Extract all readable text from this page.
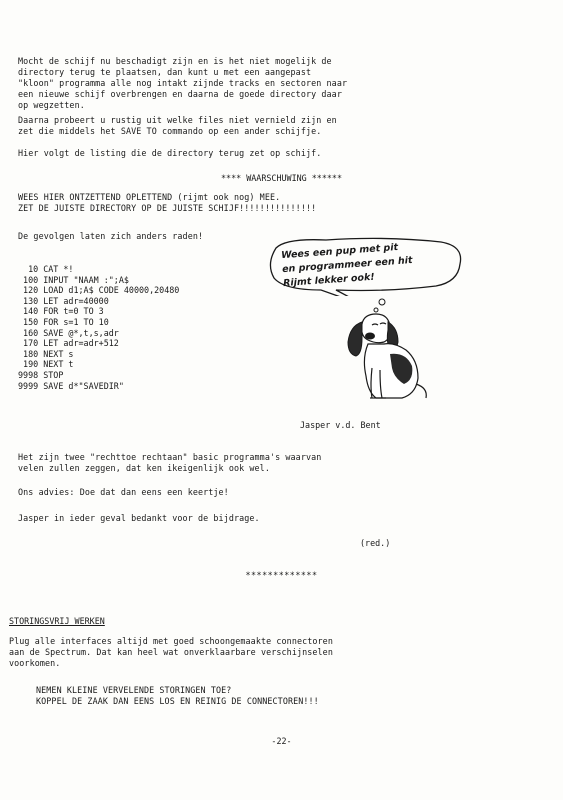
Mocht de schijf nu beschadigt zijn en is het niet mogelijk de
directory terug te plaatsen, dan kunt u met een aangepast
"kloon" programma alle nog intakt zijnde tracks en sectoren naar
een nieuwe schijf overbrengen en daarna de goede directory daar
op wegzetten.
Daarna probeert u rustig uit welke files niet vernield zijn en
zet die middels het SAVE TO commando op een ander schijfje.
Hier volgt de listing die de directory terug zet op schijf.
**** WAARSCHUWING ******
WEES HIER ONTZETTEND OPLETTEND (rijmt ook nog) MEE.
ZET DE JUISTE DIRECTORY OP DE JUISTE SCHIJF!!!!!!!!!!!!!!!
De gevolgen laten zich anders raden!
10 CAT *!
100 INPUT "NAAM :";A$
120 LOAD d1;A$ CODE 40000,20480
130 LET adr=40000
140 FOR t=0 TO 3
150 FOR s=1 TO 10
160 SAVE @*,t,s,adr
170 LET adr=adr+512
180 NEXT s
190 NEXT t
9998 STOP
9999 SAVE d*"SAVEDIR"
Wees een pup met pit
en programmeer een hit
Rijmt lekker ook!
Jasper v.d. Bent
Het zijn twee "rechttoe rechtaan" basic programma's waarvan
velen zullen zeggen, dat ken ikeigenlijk ook wel.
Ons advies: Doe dat dan eens een keertje!
Jasper in ieder geval bedankt voor de bijdrage.
(red.)
*************
STORINGSVRIJ WERKEN
Plug alle interfaces altijd met goed schoongemaakte connectoren
aan de Spectrum. Dat kan heel wat onverklaarbare verschijnselen
voorkomen.
NEMEN KLEINE VERVELENDE STORINGEN TOE?
KOPPEL DE ZAAK DAN EENS LOS EN REINIG DE CONNECTOREN!!!
-22-
